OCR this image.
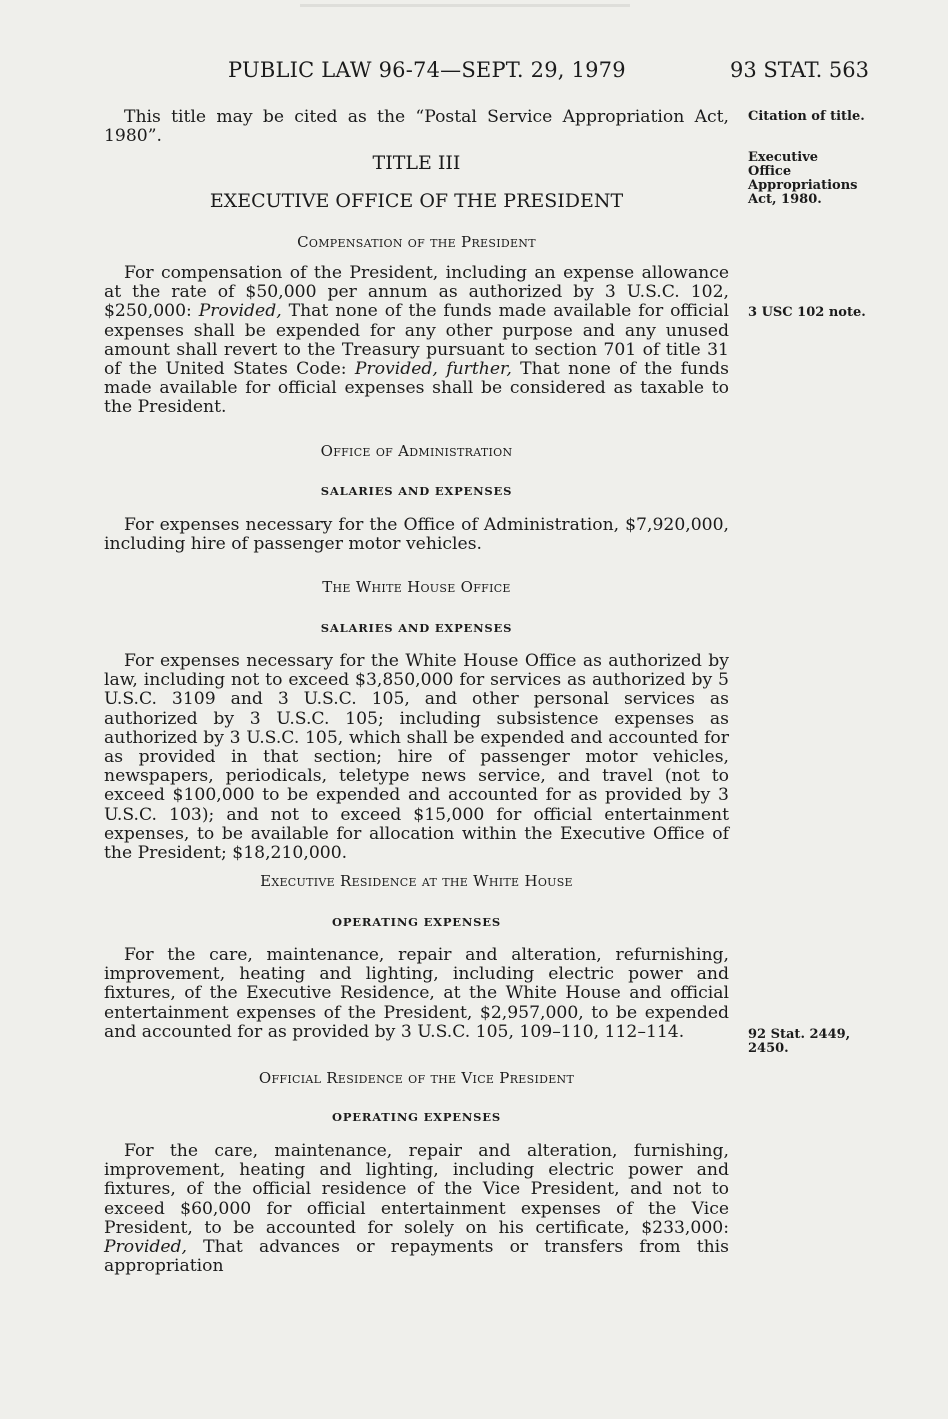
PUBLIC LAW 96-74—SEPT. 29, 1979	93 STAT. 563

This title may be cited as the “Postal Service Appropriation Act, 1980”.

Citation of title.
TITLE III
EXECUTIVE OFFICE OF THE PRESIDENT
Executive Office Appropriations Act, 1980.
Compensation of the President

For compensation of the President, including an expense allowance at the rate of $50,000 per annum as authorized by 3 U.S.C. 102, $250,000: Provided, That none of the funds made available for official expenses shall be expended for any other purpose and any unused amount shall revert to the Treasury pursuant to section 701 of title 31 of the United States Code: Provided, further, That none of the funds made available for official expenses shall be considered as taxable to the President.

3 USC 102 note.
Office of Administration
SALARIES AND EXPENSES

For expenses necessary for the Office of Administration, $7,920,000, including hire of passenger motor vehicles.

The White House Office
SALARIES AND EXPENSES

For expenses necessary for the White House Office as authorized by law, including not to exceed $3,850,000 for services as authorized by 5 U.S.C. 3109 and 3 U.S.C. 105, and other personal services as authorized by 3 U.S.C. 105; including subsistence expenses as authorized by 3 U.S.C. 105, which shall be expended and accounted for as provided in that section; hire of passenger motor vehicles, newspapers, periodicals, teletype news service, and travel (not to exceed $100,000 to be expended and accounted for as provided by 3 U.S.C. 103); and not to exceed $15,000 for official entertainment expenses, to be available for allocation within the Executive Office of the President; $18,210,000.

Executive Residence at the White House
OPERATING EXPENSES

For the care, maintenance, repair and alteration, refurnishing, improvement, heating and lighting, including electric power and fixtures, of the Executive Residence, at the White House and official entertainment expenses of the President, $2,957,000, to be expended and accounted for as provided by 3 U.S.C. 105, 109–110, 112–114.	92 Stat. 2449, 2450.
Official Residence of the Vice President
OPERATING EXPENSES

For the care, maintenance, repair and alteration, furnishing, improvement, heating and lighting, including electric power and fixtures, of the official residence of the Vice President, and not to exceed $60,000 for official entertainment expenses of the Vice President, to be accounted for solely on his certificate, $233,000: Provided, That advances or repayments or transfers from this appropriation
